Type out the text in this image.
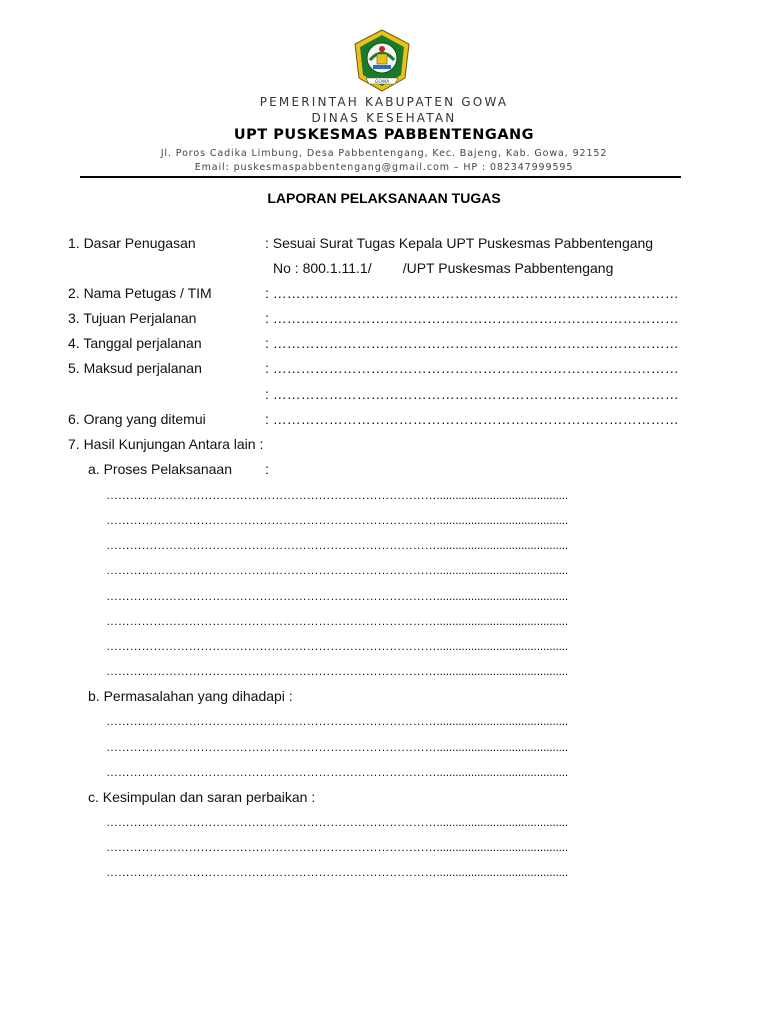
GOWA
PEMERINTAH KABUPATEN GOWA
DINAS KESEHATAN
UPT PUSKESMAS PABBENTENGANG
Jl. Poros Cadika Limbung, Desa Pabbentengang, Kec. Bajeng, Kab. Gowa, 92152
Email: puskesmaspabbentengang@gmail.com – HP : 082347999595
LAPORAN PELAKSANAAN TUGAS
1. Dasar Penugasan	: Sesuai Surat Tugas Kepala UPT Puskesmas Pabbentengang
No : 800.1.11.1/        /UPT Puskesmas Pabbentengang
2. Nama Petugas / TIM	: ……………………………………………………………………………
3. Tujuan Perjalanan	: ……………………………………………………………………………
4. Tanggal perjalanan	: ……………………………………………………………………………
5. Maksud perjalanan	: ……………………………………………………………………………
: ……………………………………………………………………………
6. Orang yang ditemui	: ……………………………………………………………………………
7. Hasil Kunjungan Antara lain :
a. Proses Pelaksanaan :
…………………………………………………………………………..........................................
…………………………………………………………………………..........................................
…………………………………………………………………………..........................................
…………………………………………………………………………..........................................
…………………………………………………………………………..........................................
…………………………………………………………………………..........................................
…………………………………………………………………………..........................................
…………………………………………………………………………..........................................
b. Permasalahan yang dihadapi :
…………………………………………………………………………..........................................
…………………………………………………………………………..........................................
…………………………………………………………………………..........................................
c. Kesimpulan dan saran perbaikan :
…………………………………………………………………………..........................................
…………………………………………………………………………..........................................
…………………………………………………………………………..........................................
